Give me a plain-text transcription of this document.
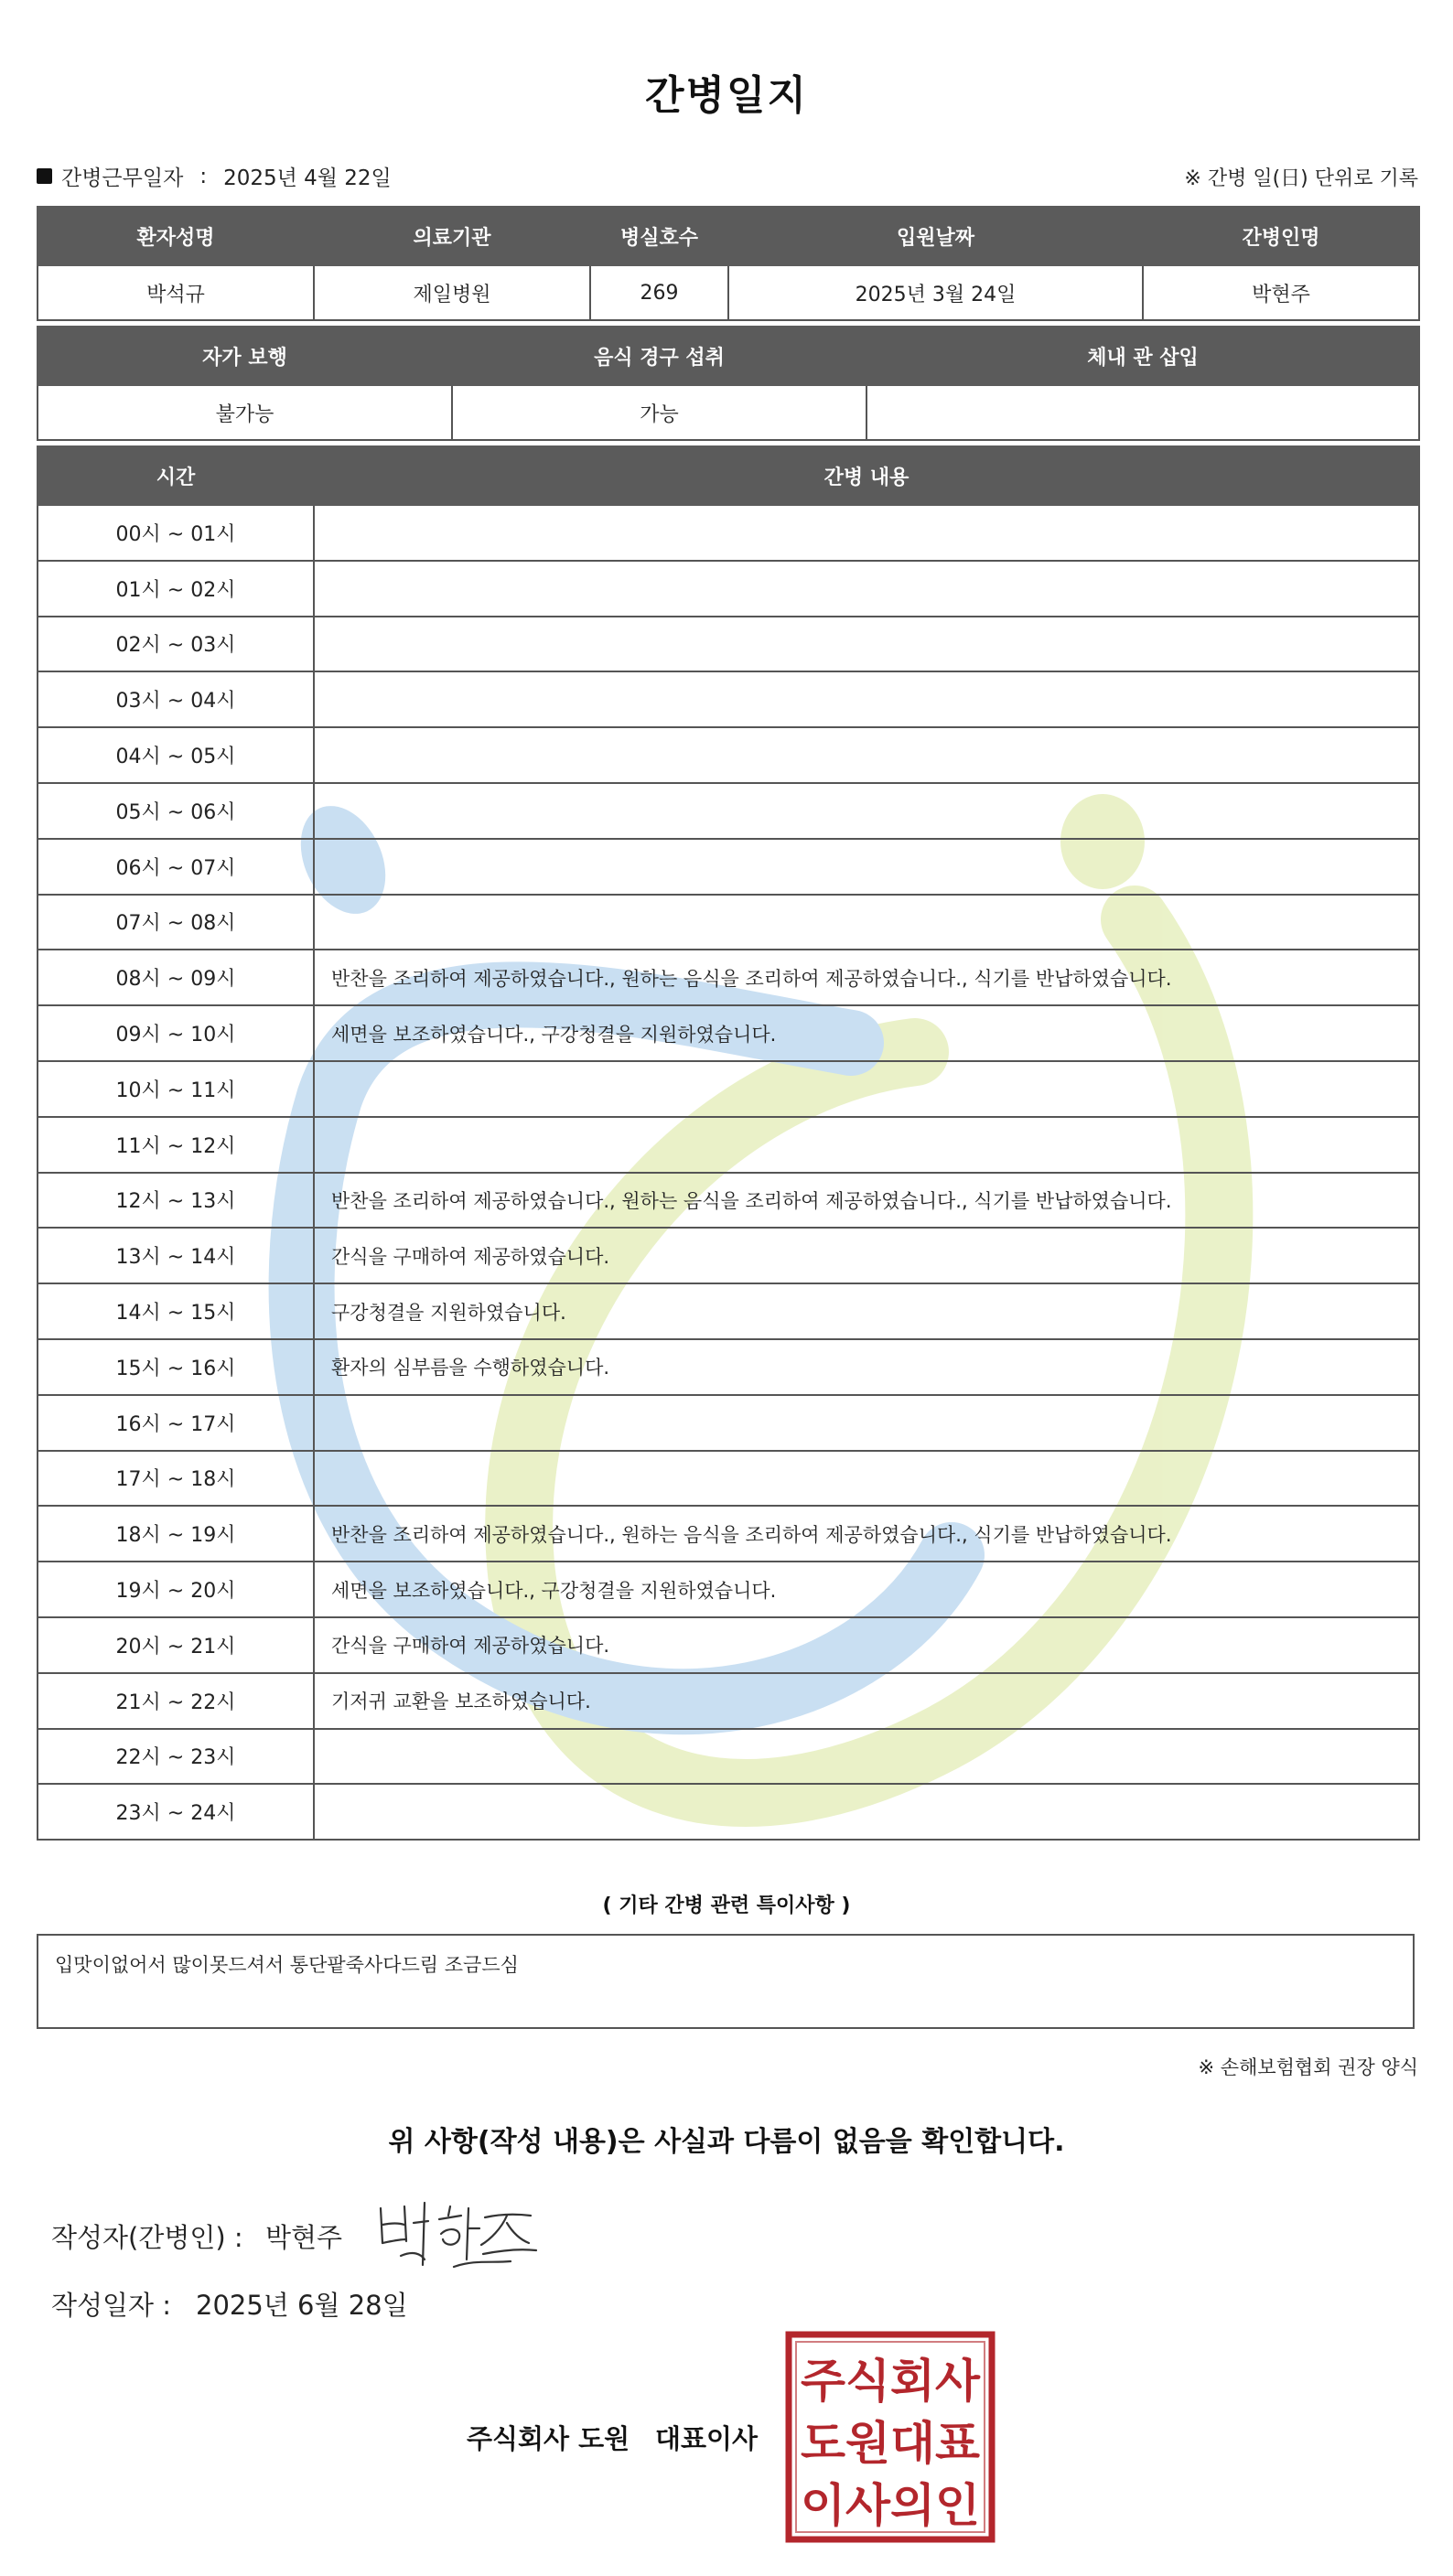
간병일지
간병근무일자 : 2025년 4월 22일	※ 간병 일(日) 단위로 기록
환자성명	의료기관	병실호수	입원날짜	간병인명
박석규	제일병원	269	2025년 3월 24일	박현주
자가 보행	음식 경구 섭취	체내 관 삽입
불가능	가능	
시간	간병 내용
00시 ~ 01시	
01시 ~ 02시	
02시 ~ 03시	
03시 ~ 04시	
04시 ~ 05시	
05시 ~ 06시	
06시 ~ 07시	
07시 ~ 08시	
08시 ~ 09시	반찬을 조리하여 제공하였습니다., 원하는 음식을 조리하여 제공하였습니다., 식기를 반납하였습니다.
09시 ~ 10시	세면을 보조하였습니다., 구강청결을 지원하였습니다.
10시 ~ 11시	
11시 ~ 12시	
12시 ~ 13시	반찬을 조리하여 제공하였습니다., 원하는 음식을 조리하여 제공하였습니다., 식기를 반납하였습니다.
13시 ~ 14시	간식을 구매하여 제공하였습니다.
14시 ~ 15시	구강청결을 지원하였습니다.
15시 ~ 16시	환자의 심부름을 수행하였습니다.
16시 ~ 17시	
17시 ~ 18시	
18시 ~ 19시	반찬을 조리하여 제공하였습니다., 원하는 음식을 조리하여 제공하였습니다., 식기를 반납하였습니다.
19시 ~ 20시	세면을 보조하였습니다., 구강청결을 지원하였습니다.
20시 ~ 21시	간식을 구매하여 제공하였습니다.
21시 ~ 22시	기저귀 교환을 보조하였습니다.
22시 ~ 23시	
23시 ~ 24시	
( 기타 간병 관련 특이사항 )
입맛이없어서 많이못드셔서 통단팥죽사다드림 조금드심
※ 손해보험협회 권장 양식
위 사항(작성 내용)은 사실과 다름이 없음을 확인합니다.
작성자(간병인) : 박현주
작성일자 : 2025년 6월 28일
주식회사 도원 대표이사
주식회사
도원대표
이사의인
